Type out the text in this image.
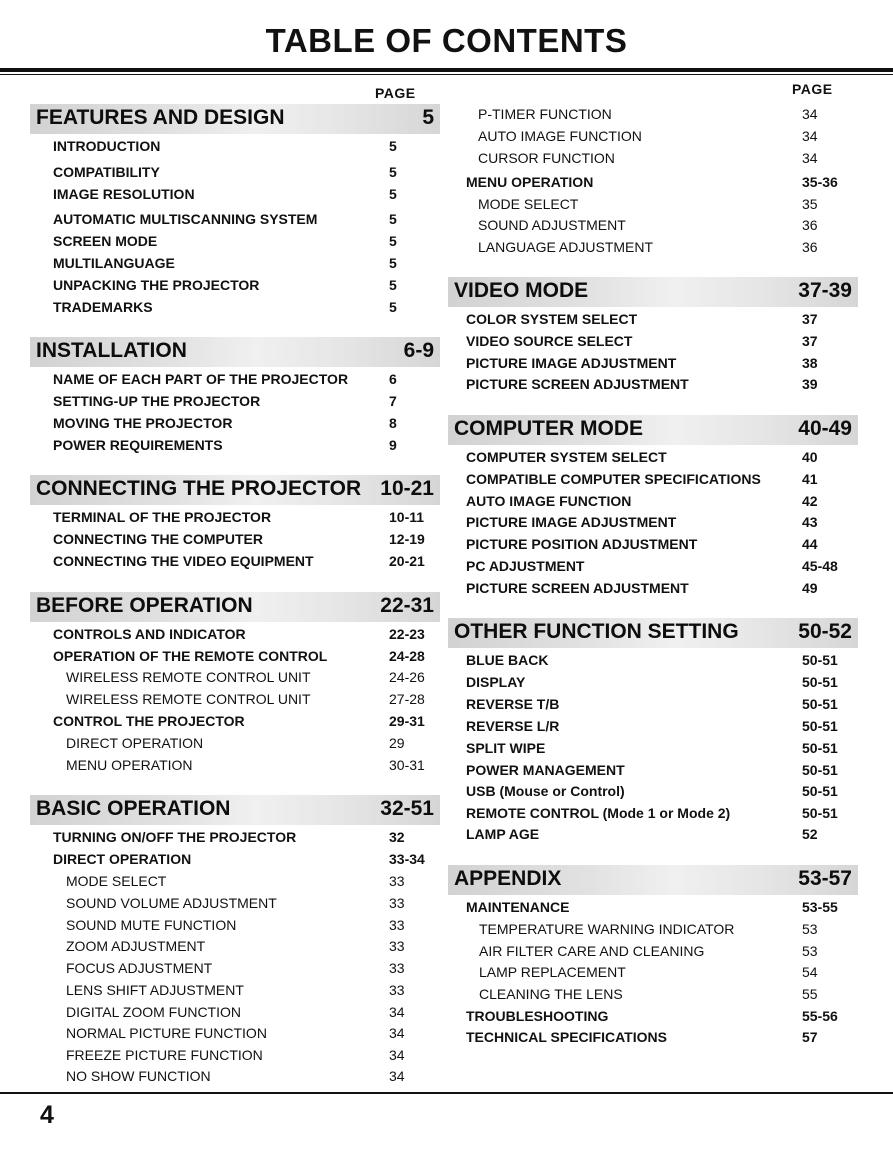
TABLE OF CONTENTS
PAGE
FEATURES AND DESIGN	5
INTRODUCTION	5
COMPATIBILITY	5
IMAGE RESOLUTION	5
AUTOMATIC MULTISCANNING SYSTEM	5
SCREEN MODE	5
MULTILANGUAGE	5
UNPACKING THE PROJECTOR	5
TRADEMARKS	5
INSTALLATION	6-9
NAME OF EACH PART OF THE PROJECTOR	6
SETTING-UP THE PROJECTOR	7
MOVING THE PROJECTOR	8
POWER REQUIREMENTS	9
CONNECTING THE PROJECTOR 10-21
TERMINAL OF THE PROJECTOR	10-11
CONNECTING THE COMPUTER	12-19
CONNECTING THE VIDEO EQUIPMENT	20-21
BEFORE OPERATION	22-31
CONTROLS AND INDICATOR	22-23
OPERATION OF THE REMOTE CONTROL	24-28
WIRELESS REMOTE CONTROL UNIT	24-26
WIRELESS REMOTE CONTROL UNIT	27-28
CONTROL THE PROJECTOR	29-31
DIRECT OPERATION	29
MENU OPERATION	30-31
BASIC OPERATION	32-51
TURNING ON/OFF THE PROJECTOR	32
DIRECT OPERATION	33-34
MODE SELECT	33
SOUND VOLUME ADJUSTMENT	33
SOUND MUTE FUNCTION	33
ZOOM ADJUSTMENT	33
FOCUS ADJUSTMENT	33
LENS SHIFT ADJUSTMENT	33
DIGITAL ZOOM FUNCTION	34
NORMAL PICTURE FUNCTION	34
FREEZE PICTURE FUNCTION	34
NO SHOW FUNCTION	34
PAGE
P-TIMER FUNCTION	34
AUTO IMAGE FUNCTION	34
CURSOR FUNCTION	34
MENU OPERATION	35-36
MODE SELECT	35
SOUND ADJUSTMENT	36
LANGUAGE ADJUSTMENT	36
VIDEO MODE	37-39
COLOR SYSTEM SELECT	37
VIDEO SOURCE SELECT	37
PICTURE IMAGE ADJUSTMENT	38
PICTURE SCREEN ADJUSTMENT	39
COMPUTER MODE	40-49
COMPUTER SYSTEM SELECT	40
COMPATIBLE COMPUTER SPECIFICATIONS	41
AUTO IMAGE FUNCTION	42
PICTURE IMAGE ADJUSTMENT	43
PICTURE POSITION ADJUSTMENT	44
PC ADJUSTMENT	45-48
PICTURE SCREEN ADJUSTMENT	49
OTHER FUNCTION SETTING	50-52
BLUE BACK	50-51
DISPLAY	50-51
REVERSE T/B	50-51
REVERSE L/R	50-51
SPLIT WIPE	50-51
POWER MANAGEMENT	50-51
USB (Mouse or Control)	50-51
REMOTE CONTROL (Mode 1 or Mode 2)	50-51
LAMP AGE	52
APPENDIX	53-57
MAINTENANCE	53-55
TEMPERATURE WARNING INDICATOR	53
AIR FILTER CARE AND CLEANING	53
LAMP REPLACEMENT	54
CLEANING THE LENS	55
TROUBLESHOOTING	55-56
TECHNICAL SPECIFICATIONS	57
4
